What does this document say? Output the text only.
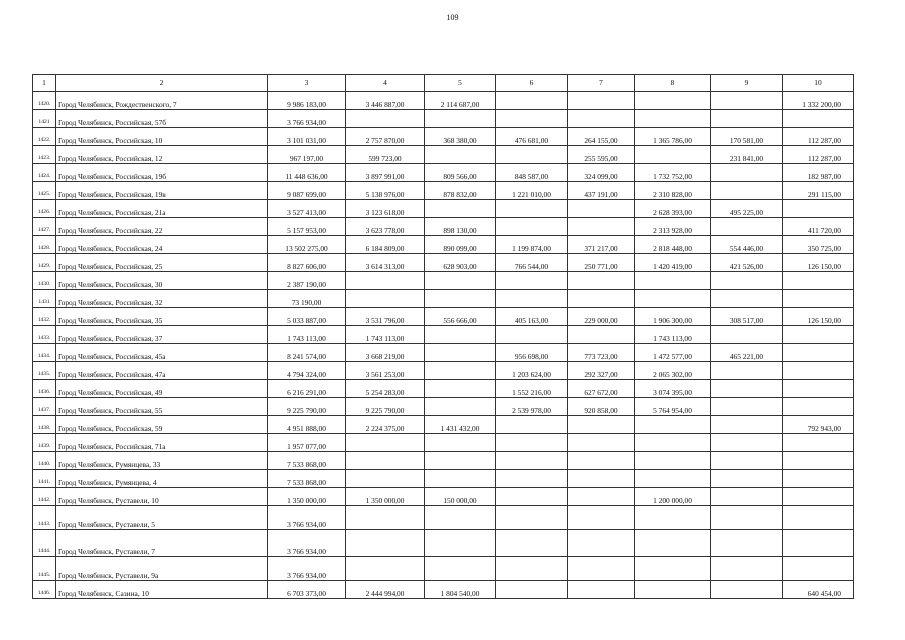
109
1	2	3	4	5	6	7	8	9	10
1420.	Город Челябинск, Рождественского, 7	9 986 183,00	3 446 887,00	2 114 687,00					1 332 200,00
1421	Город Челябинск, Российская, 57б	3 766 934,00							
1422.	Город Челябинск, Российская, 10	3 101 031,00	2 757 870,00	368 380,00	476 681,00	264 155,00	1 365 786,00	170 581,00	112 287,00
1423.	Город Челябинск, Российская, 12	967 197,00	599 723,00			255 595,00		231 841,00	112 287,00
1424.	Город Челябинск, Российская, 19б	11 448 636,00	3 897 991,00	809 566,00	848 587,00	324 099,00	1 732 752,00		182 987,00
1425.	Город Челябинск, Российская, 19в	9 087 699,00	5 138 976,00	878 832,00	1 221 010,00	437 191,00	2 310 828,00		291 115,00
1426.	Город Челябинск, Российская, 21а	3 527 413,00	3 123 618,00				2 628 393,00	495 225,00	
1427.	Город Челябинск, Российская, 22	5 157 953,00	3 623 778,00	898 130,00			2 313 928,00		411 720,00
1428.	Город Челябинск, Российская, 24	13 502 275,00	6 184 809,00	890 099,00	1 199 874,00	371 217,00	2 818 448,00	554 446,00	350 725,00
1429.	Город Челябинск, Российская, 25	8 827 606,00	3 614 313,00	628 903,00	766 544,00	250 771,00	1 420 419,00	421 526,00	126 150,00
1430.	Город Челябинск, Российская, 30	2 387 190,00							
1431	Город Челябинск, Российская, 32	73 190,00							
1432.	Город Челябинск, Российская, 35	5 033 887,00	3 531 796,00	556 666,00	405 163,00	229 000,00	1 906 300,00	308 517,00	126 150,00
1433.	Город Челябинск, Российская, 37	1 743 113,00	1 743 113,00				1 743 113,00		
1434.	Город Челябинск, Российская, 45а	8 241 574,00	3 668 219,00		956 698,00	773 723,00	1 472 577,00	465 221,00	
1435.	Город Челябинск, Российская, 47а	4 794 324,00	3 561 253,00		1 203 624,00	292 327,00	2 065 302,00		
1436.	Город Челябинск, Российская, 49	6 216 291,00	5 254 283,00		1 552 216,00	627 672,00	3 074 395,00		
1437.	Город Челябинск, Российская, 55	9 225 790,00	9 225 790,00		2 539 978,00	920 858,00	5 764 954,00		
1438.	Город Челябинск, Российская, 59	4 951 888,00	2 224 375,00	1 431 432,00					792 943,00
1439.	Город Челябинск, Российская, 71а	1 957 077,00							
1440.	Город Челябинск, Румянцева, 33	7 533 868,00							
1441.	Город Челябинск, Румянцева, 4	7 533 868,00							
1442.	Город Челябинск, Руставели, 10	1 350 000,00	1 350 000,00	150 000,00			1 200 000,00		
1443.	Город Челябинск, Руставели, 5	3 766 934,00							
1444.	Город Челябинск, Руставели, 7	3 766 934,00							
1445.	Город Челябинск, Руставели, 9а	3 766 934,00							
1446.	Город Челябинск, Сазина, 10	6 703 373,00	2 444 994,00	1 804 540,00					640 454,00
